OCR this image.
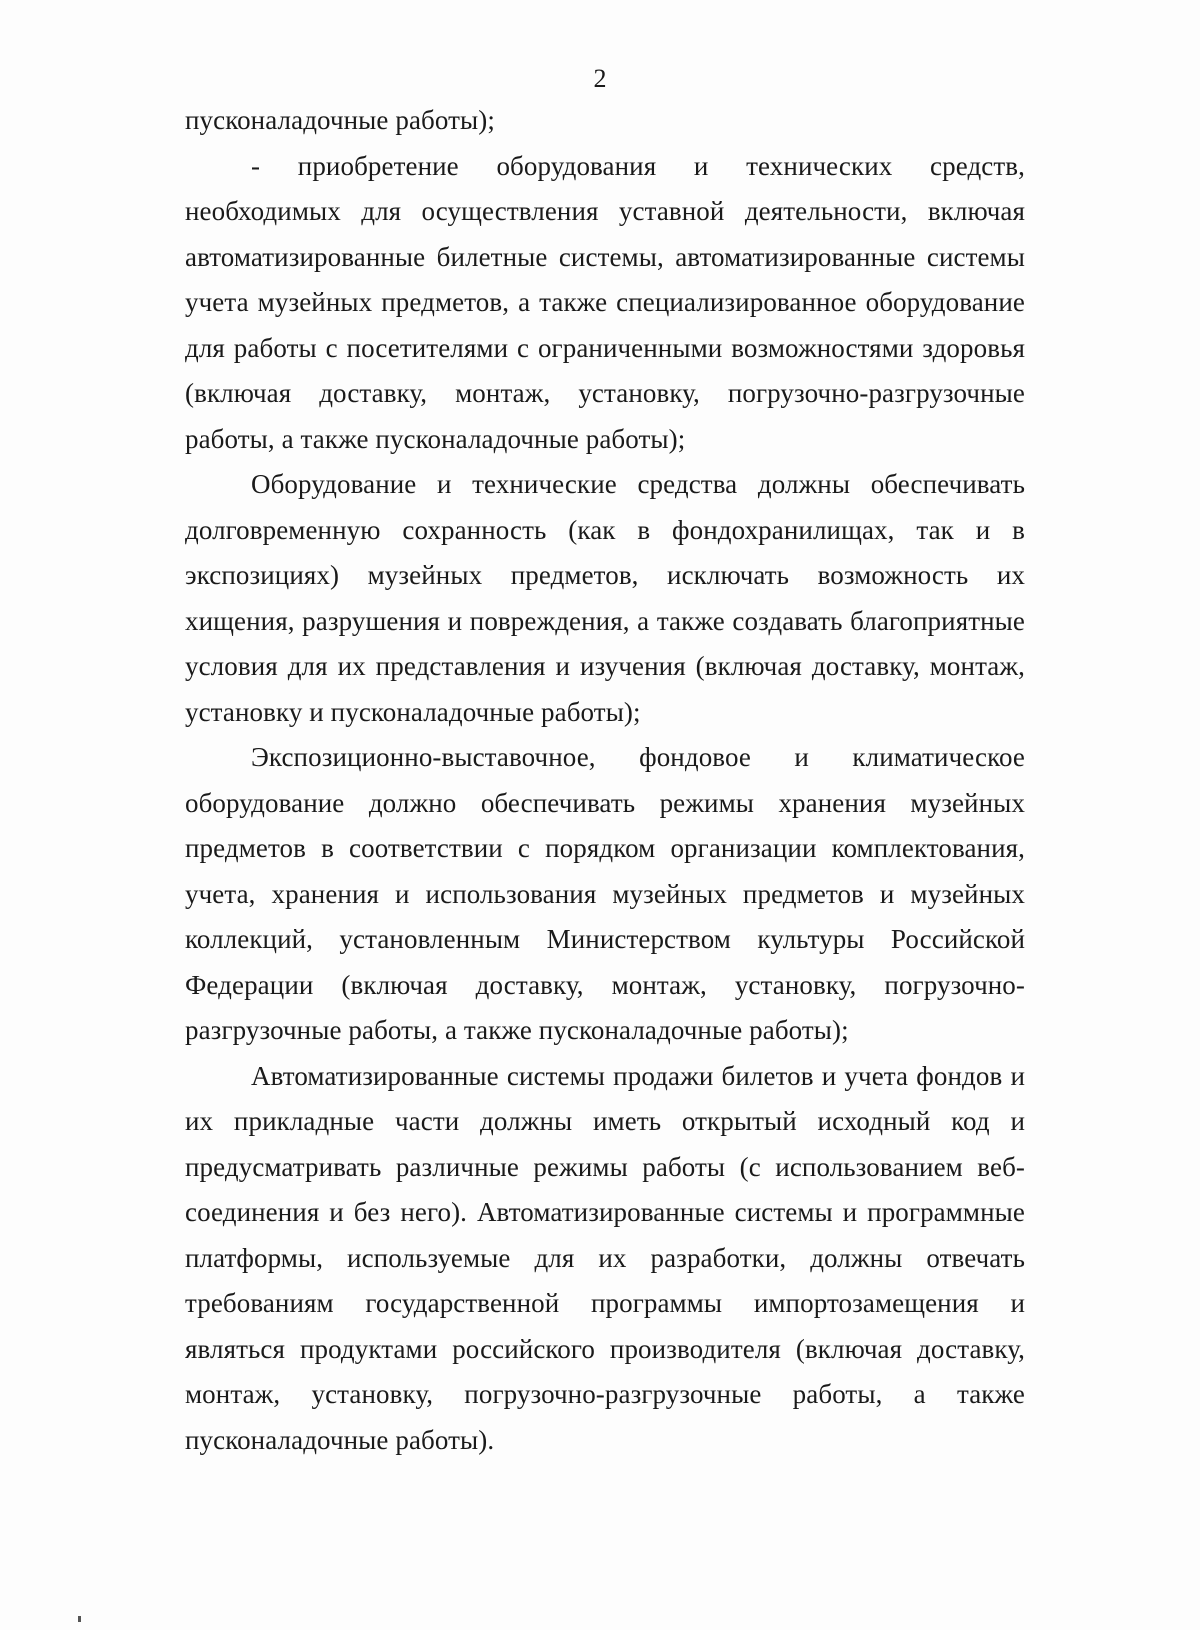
2

пусконаладочные работы);

- приобретение оборудования и технических средств, необходимых для осуществления уставной деятельности, включая автоматизированные билетные системы, автоматизированные системы учета музейных предметов, а также специализированное оборудование для работы с посетителями с ограниченными возможностями здоровья (включая доставку, монтаж, установку, погрузочно-разгрузочные работы, а также пусконаладочные работы);

Оборудование и технические средства должны обеспечивать долговременную сохранность (как в фондохранилищах, так и в экспозициях) музейных предметов, исключать возможность их хищения, разрушения и повреждения, а также создавать благоприятные условия для их представления и изучения (включая доставку, монтаж, установку и пусконаладочные работы);

Экспозиционно-выставочное, фондовое и климатическое оборудование должно обеспечивать режимы хранения музейных предметов в соответствии с порядком организации комплектования, учета, хранения и использования музейных предметов и музейных коллекций, установленным Министерством культуры Российской Федерации (включая доставку, монтаж, установку, погрузочно-разгрузочные работы, а также пусконаладочные работы);

Автоматизированные системы продажи билетов и учета фондов и их прикладные части должны иметь открытый исходный код и предусматривать различные режимы работы (с использованием веб-соединения и без него). Автоматизированные системы и программные платформы, используемые для их разработки, должны отвечать требованиям государственной программы импортозамещения и являться продуктами российского производителя (включая доставку, монтаж, установку, погрузочно-разгрузочные работы, а также пусконаладочные работы).
